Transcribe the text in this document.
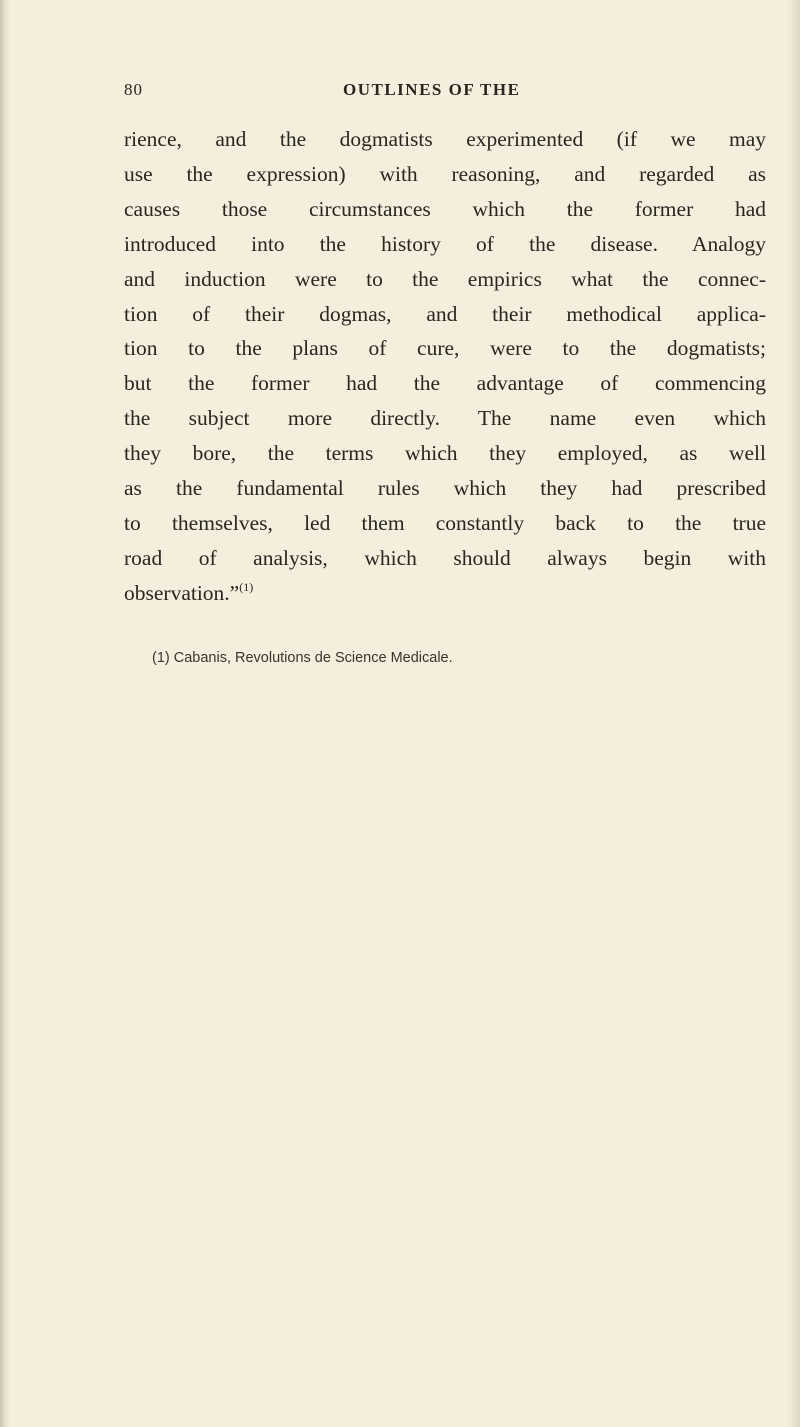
80	OUTLINES OF THE
rience, and the dogmatists experimented (if we may
use the expression) with reasoning, and regarded as
causes those circumstances which the former had
introduced into the history of the disease. Analogy
and induction were to the empirics what the connec-
tion of their dogmas, and their methodical applica-
tion to the plans of cure, were to the dogmatists;
but the former had the advantage of commencing
the subject more directly. The name even which
they bore, the terms which they employed, as well
as the fundamental rules which they had prescribed
to themselves, led them constantly back to the true
road of analysis, which should always begin with
observation.”$^{(1)}$
(1) Cabanis, Revolutions de Science Medicale.
